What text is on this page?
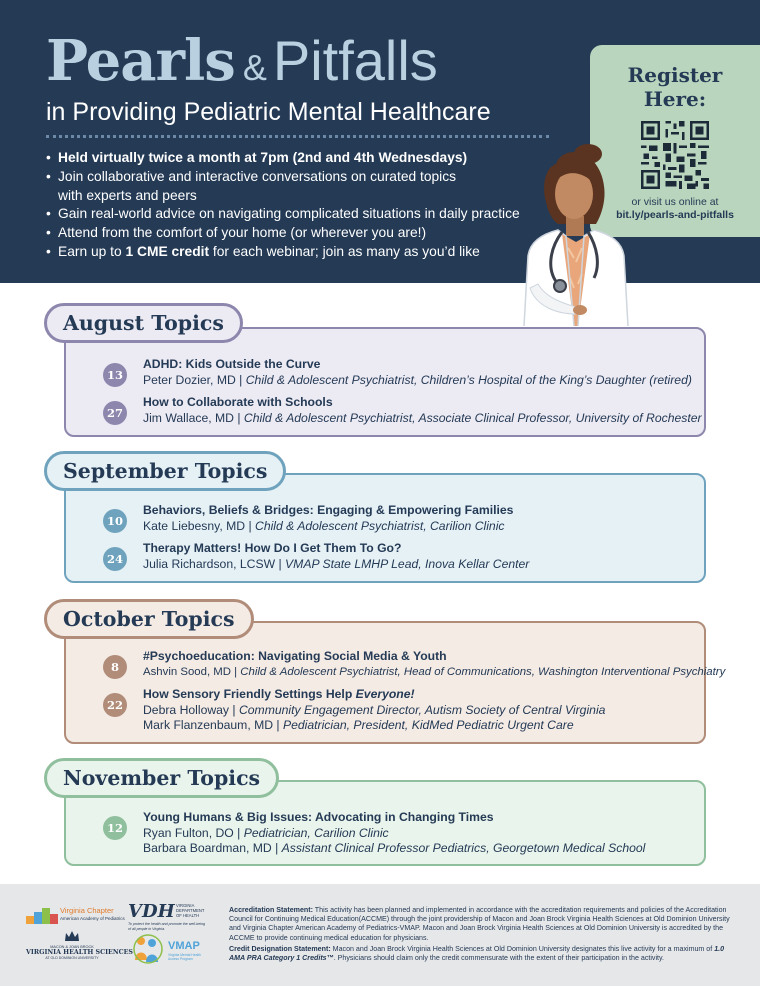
Pearls & Pitfalls
in Providing Pediatric Mental Healthcare
• Held virtually twice a month at 7pm (2nd and 4th Wednesdays)
• Join collaborative and interactive conversations on curated topics
with experts and peers
• Gain real-world advice on navigating complicated situations in daily practice
• Attend from the comfort of your home (or wherever you are!)
• Earn up to 1 CME credit for each webinar; join as many as you’d like
Register
Here:
or visit us online at
bit.ly/pearls-and-pitfalls
13
ADHD: Kids Outside the Curve
Peter Dozier, MD | Child & Adolescent Psychiatrist, Children’s Hospital of the King’s Daughter (retired)
27
How to Collaborate with Schools
Jim Wallace, MD | Child & Adolescent Psychiatrist, Associate Clinical Professor, University of Rochester
August Topics
10
Behaviors, Beliefs & Bridges: Engaging & Empowering Families
Kate Liebesny, MD | Child & Adolescent Psychiatrist, Carilion Clinic
24
Therapy Matters! How Do I Get Them To Go?
Julia Richardson, LCSW | VMAP State LMHP Lead, Inova Kellar Center
September Topics
8
#Psychoeducation: Navigating Social Media & Youth
Ashvin Sood, MD | Child & Adolescent Psychiatrist, Head of Communications, Washington Interventional Psychiatry
22
How Sensory Friendly Settings Help Everyone!
Debra Holloway | Community Engagement Director, Autism Society of Central Virginia
Mark Flanzenbaum, MD | Pediatrician, President, KidMed Pediatric Urgent Care
October Topics
12
Young Humans & Big Issues: Advocating in Changing Times
Ryan Fulton, DO | Pediatrician, Carilion Clinic
Barbara Boardman, MD | Assistant Clinical Professor Pediatrics, Georgetown Medical School
November Topics
Virginia Chapter
American Academy of Pediatrics VDH VIRGINIA
DEPARTMENT
OF HEALTH
To protect the health and promote the well-being of all people in Virginia.
MACON & JOAN BROCK
VIRGINIA HEALTH SCIENCES
AT OLD DOMINION UNIVERSITY
VMAP
Virginia Mental Health Access Program

Accreditation Statement: This activity has been planned and implemented in accordance with the accreditation requirements and policies of the Accreditation Council for Continuing Medical Education(ACCME) through the joint providership of Macon and Joan Brock Virginia Health Sciences at Old Dominion University and Virginia Chapter American Academy of Pediatrics-VMAP. Macon and Joan Brock Virginia Health Sciences at Old Dominion University is accredited by the ACCME to provide continuing medical education for physicians.

Credit Designation Statement: Macon and Joan Brock Virginia Health Sciences at Old Dominion University designates this live activity for a maximum of 1.0 AMA PRA Category 1 Credits™. Physicians should claim only the credit commensurate with the extent of their participation in the activity.
